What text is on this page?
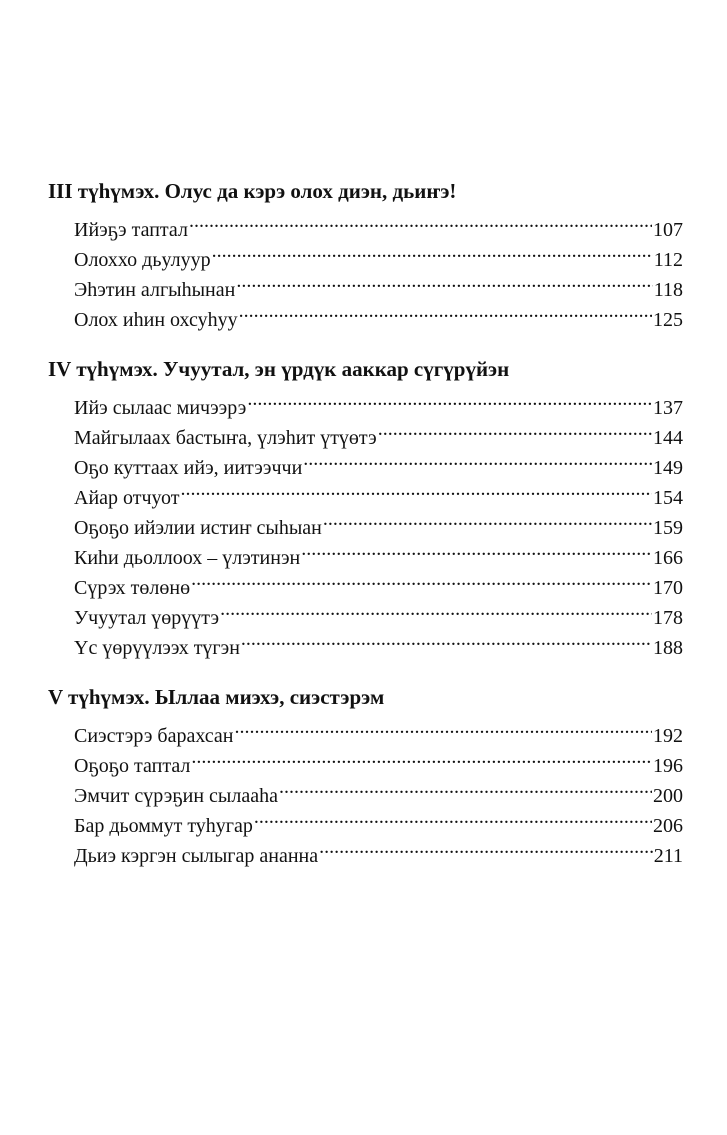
III түһүмэх. Олус да кэрэ олох диэн, дьиҥэ!
Ийэҕэ таптал .....	107
Олоххо дьулуур .....	112
Эһэтин алгыһынан .....	118
Олох иһин охсуһуу .....	125
IV түһүмэх. Учуутал, эн үрдүк ааккар сүгүрүйэн
Ийэ сылаас мичээрэ .....	137
Майгылаах бастыҥа, үлэһит үтүөтэ .....	144
Оҕо куттаах ийэ, иитээччи .....	149
Айар отчуот .....	154
Оҕоҕо ийэлии истиҥ сыһыан .....	159
Киһи дьоллоох – үлэтинэн .....	166
Сүрэх төлөнө .....	170
Учуутал үөрүүтэ .....	178
Үс үөрүүлээх түгэн .....	188
V түһүмэх. Ыллаа миэхэ, сиэстэрэм
Сиэстэрэ барахсан .....	192
Оҕоҕо таптал .....	196
Эмчит сүрэҕин сылааһа .....	200
Бар дьоммут туһугар .....	206
Дьиэ кэргэн сылыгар ананна .....	211
